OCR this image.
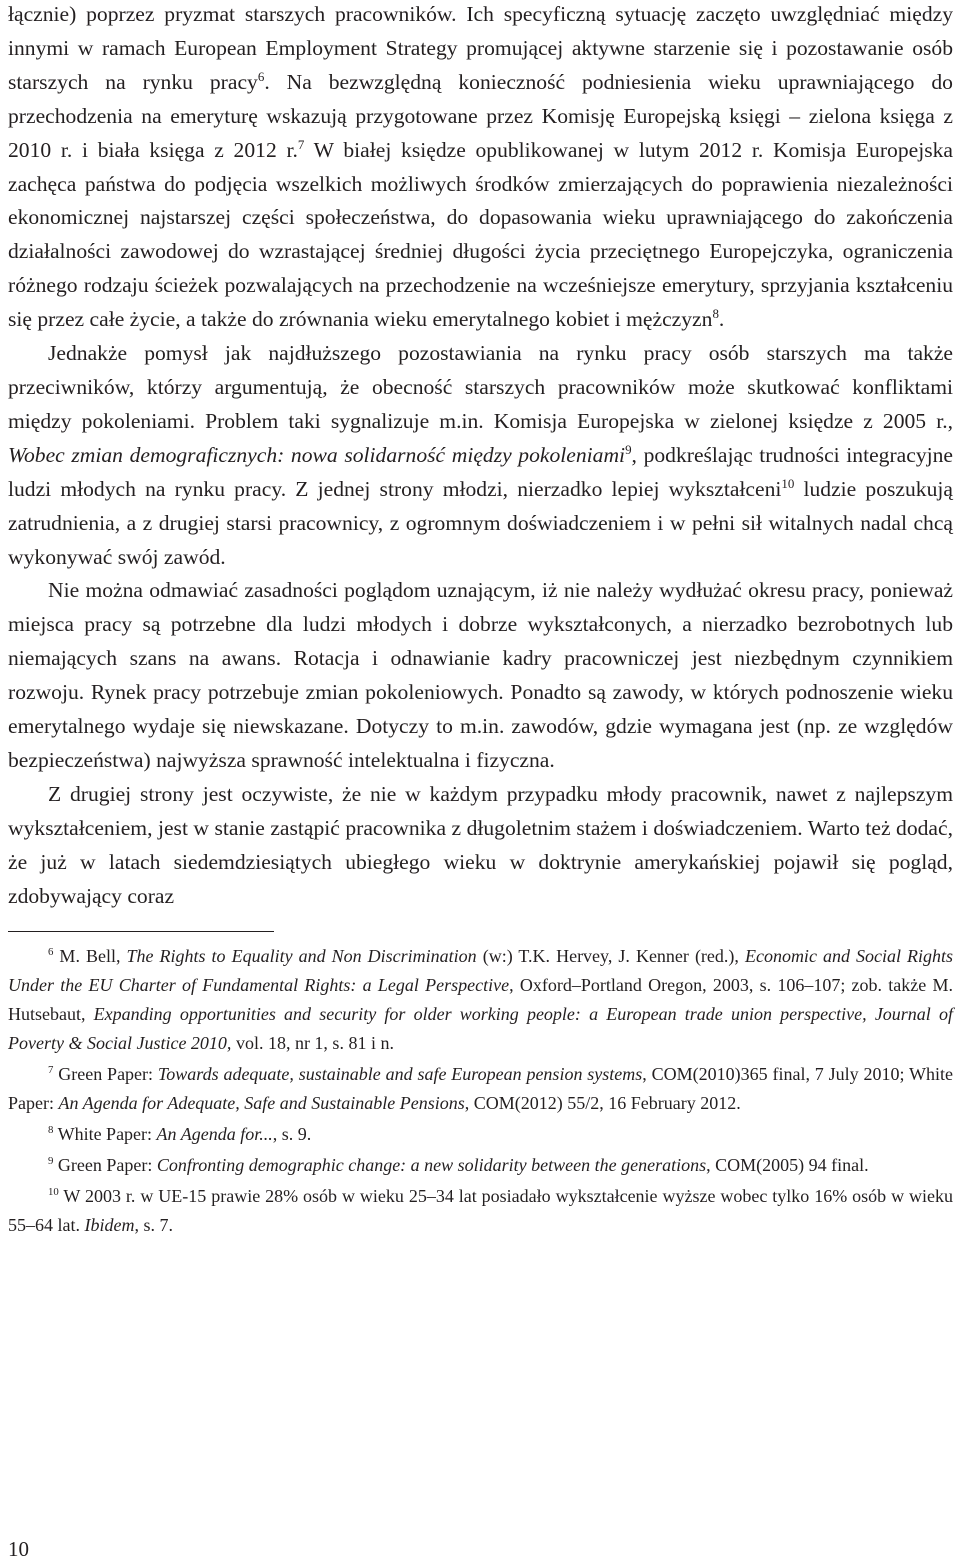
łącznie) poprzez pryzmat starszych pracowników. Ich specyficzną sytuację zaczęto uwzględniać między innymi w ramach European Employment Strategy promującej aktywne starzenie się i pozostawanie osób starszych na rynku pracy$^6$. Na bezwzględną konieczność podniesienia wieku uprawniającego do przechodzenia na emeryturę wskazują przygotowane przez Komisję Europejską księgi – zielona księga z 2010 r. i biała księga z 2012 r.$^7$ W białej księdze opublikowanej w lutym 2012 r. Komisja Europejska zachęca państwa do podjęcia wszelkich możliwych środków zmierzających do poprawienia niezależności ekonomicznej najstarszej części społeczeństwa, do dopasowania wieku uprawniającego do zakończenia działalności zawodowej do wzrastającej średniej długości życia przeciętnego Europejczyka, ograniczenia różnego rodzaju ścieżek pozwalających na przechodzenie na wcześniejsze emerytury, sprzyjania kształceniu się przez całe życie, a także do zrównania wieku emerytalnego kobiet i mężczyzn$^8$.

Jednakże pomysł jak najdłuższego pozostawiania na rynku pracy osób starszych ma także przeciwników, którzy argumentują, że obecność starszych pracowników może skutkować konfliktami między pokoleniami. Problem taki sygnalizuje m.in. Komisja Europejska w zielonej księdze z 2005 r., Wobec zmian demograficznych: nowa solidarność między pokoleniami$^9$, podkreślając trudności integracyjne ludzi młodych na rynku pracy. Z jednej strony młodzi, nierzadko lepiej wykształceni$^{10}$ ludzie poszukują zatrudnienia, a z drugiej starsi pracownicy, z ogromnym doświadczeniem i w pełni sił witalnych nadal chcą wykonywać swój zawód.

Nie można odmawiać zasadności poglądom uznającym, iż nie należy wydłużać okresu pracy, ponieważ miejsca pracy są potrzebne dla ludzi młodych i dobrze wykształconych, a nierzadko bezrobotnych lub niemających szans na awans. Rotacja i odnawianie kadry pracowniczej jest niezbędnym czynnikiem rozwoju. Rynek pracy potrzebuje zmian pokoleniowych. Ponadto są zawody, w których podnoszenie wieku emerytalnego wydaje się niewskazane. Dotyczy to m.in. zawodów, gdzie wymagana jest (np. ze względów bezpieczeństwa) najwyższa sprawność intelektualna i fizyczna.

Z drugiej strony jest oczywiste, że nie w każdym przypadku młody pracownik, nawet z najlepszym wykształceniem, jest w stanie zastąpić pracownika z długoletnim stażem i doświadczeniem. Warto też dodać, że już w latach siedemdziesiątych ubiegłego wieku w doktrynie amerykańskiej pojawił się pogląd, zdobywający coraz

$^6$ M. Bell, The Rights to Equality and Non Discrimination (w:) T.K. Hervey, J. Kenner (red.), Economic and Social Rights Under the EU Charter of Fundamental Rights: a Legal Perspective, Oxford–Portland Oregon, 2003, s. 106–107; zob. także M. Hutsebaut, Expanding opportunities and security for older working people: a European trade union perspective, Journal of Poverty & Social Justice 2010, vol. 18, nr 1, s. 81 i n.

$^7$ Green Paper: Towards adequate, sustainable and safe European pension systems, COM(2010)365 final, 7 July 2010; White Paper: An Agenda for Adequate, Safe and Sustainable Pensions, COM(2012) 55/2, 16 February 2012.

$^8$ White Paper: An Agenda for..., s. 9.

$^9$ Green Paper: Confronting demographic change: a new solidarity between the generations, COM(2005) 94 final.

$^{10}$ W 2003 r. w UE-15 prawie 28% osób w wieku 25–34 lat posiadało wykształcenie wyższe wobec tylko 16% osób w wieku 55–64 lat. Ibidem, s. 7.

10
